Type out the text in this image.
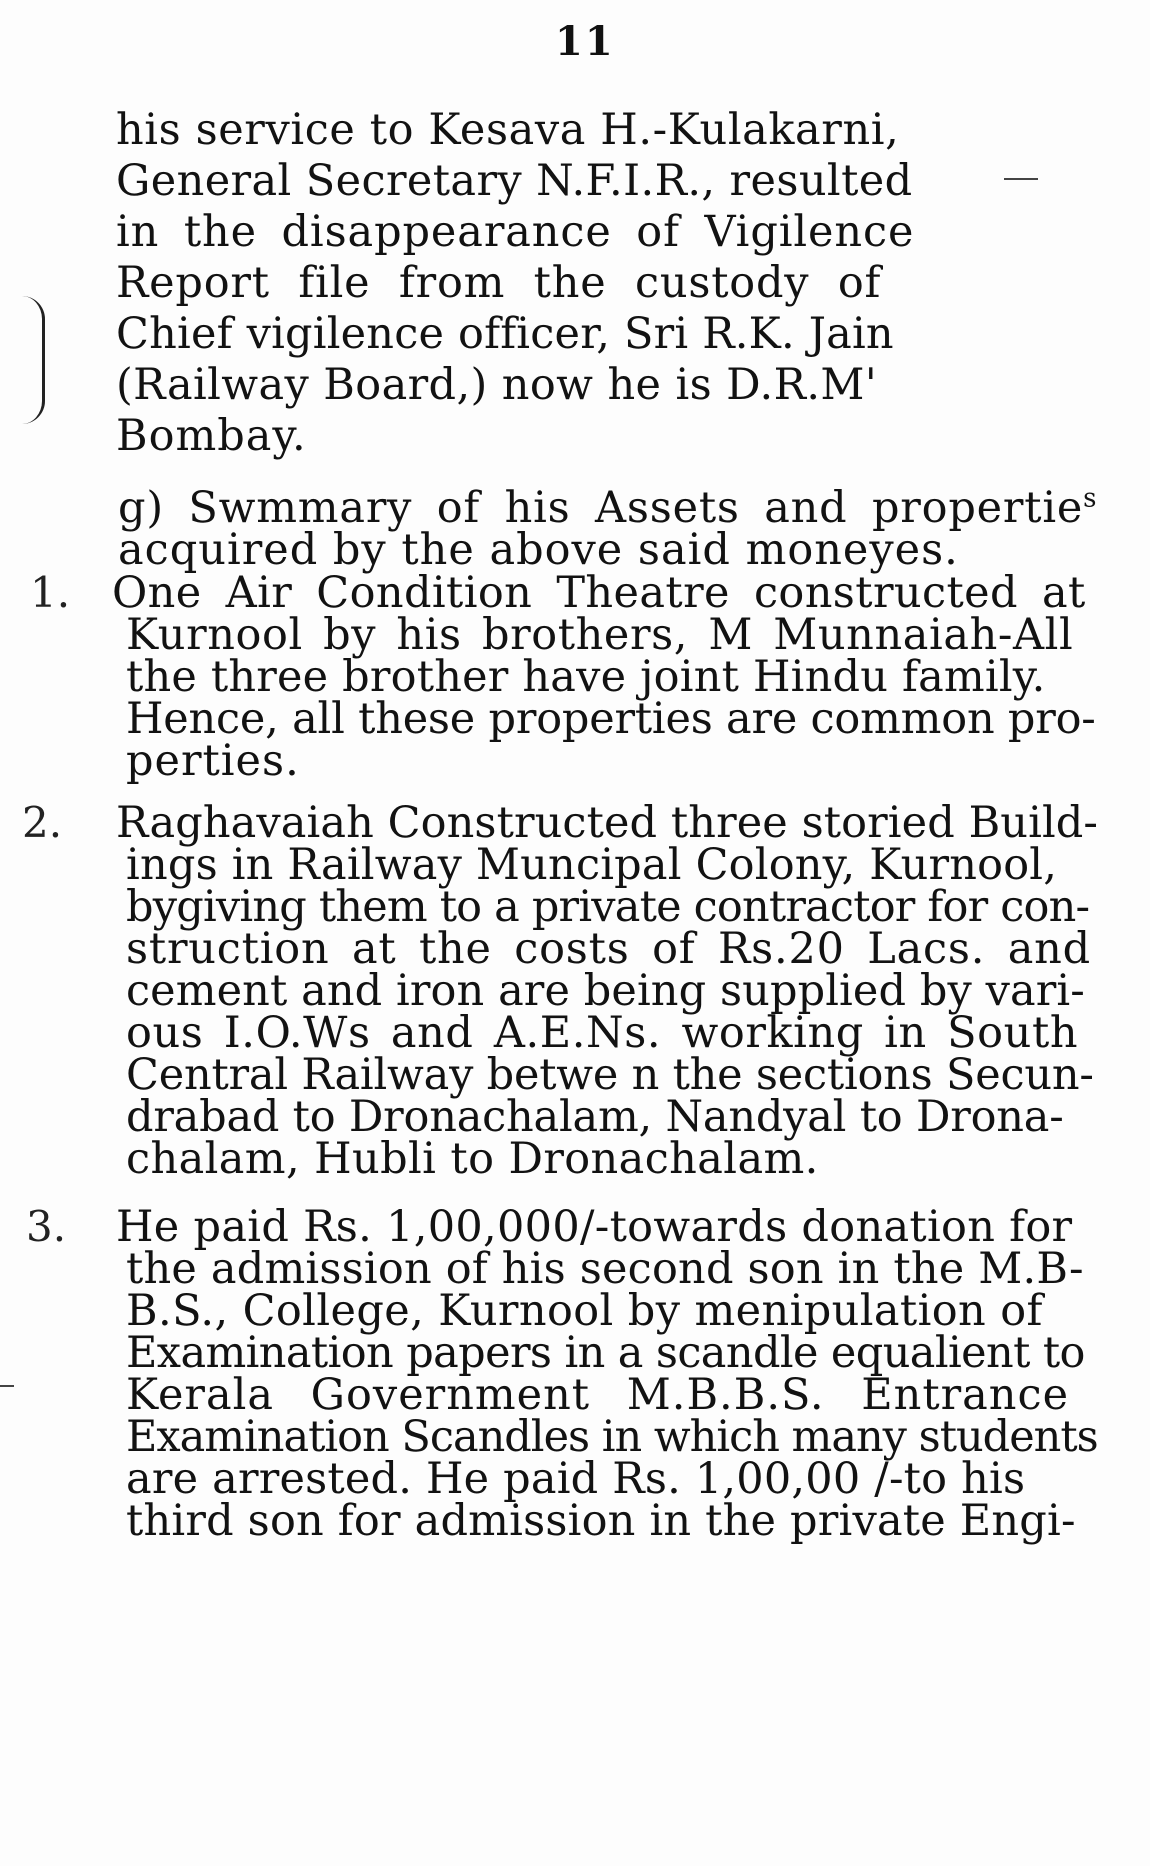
11
his service to Kesava H.-Kulakarni,
General Secretary N.F.I.R., resulted
in the disappearance of Vigilence
Report file from the custody of
Chief vigilence officer, Sri R.K. Jain
(Railway Board,) now he is D.R.M'
Bombay.
g) Swmmary of his Assets and propertie$^s$
acquired by the above said moneyes.
1. One Air Condition Theatre constructed at
Kurnool by his brothers, M Munnaiah-All
the three brother have joint Hindu family.
Hence, all these properties are common pro-
perties.
2. Raghavaiah Constructed three storied Build-
ings in Railway Muncipal Colony, Kurnool,
bygiving them to a private contractor for con-
struction at the costs of Rs.20 Lacs. and
cement and iron are being supplied by vari-
ous I.O.Ws and A.E.Ns. working in South
Central Railway betwe n the sections Secun-
drabad to Dronachalam, Nandyal to Drona-
chalam, Hubli to Dronachalam.
3. He paid Rs. 1,00,000/-towards donation for
the admission of his second son in the M.B-
B.S., College, Kurnool by menipulation of
Examination papers in a scandle equalient to
Kerala Government M.B.B.S. Entrance
Examination Scandles in which many students
are arrested. He paid Rs. 1,00,00 /-to his
third son for admission in the private Engi-
